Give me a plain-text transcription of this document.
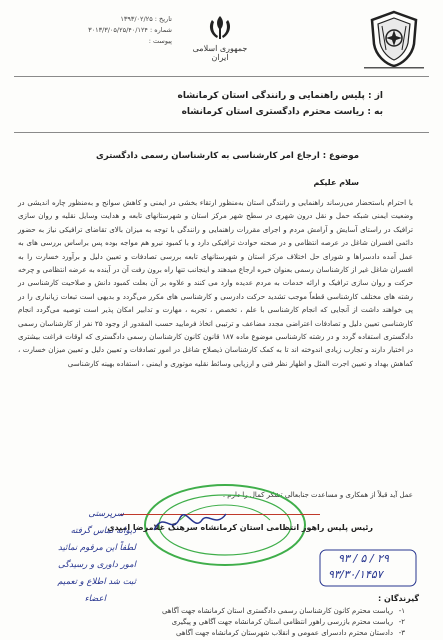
تاریخ : ۱۳۹۳/۰۲/۲۵
شماره : ۳۰۱۳/۳/۰۵/۲۵/۴۰/۱۲۴
پیوست :
جمهوری اسلامی ایران
از : پلیس راهنمایی و رانندگی استان کرمانشاه
به : ریاست محترم دادگستری استان کرمانشاه
موضوع : ارجاع امر کارشناسی به کارشناسان رسمی دادگستری
سلام علیکم
با احترام باستحضار می‌رساند راهنمایی و رانندگی استان به‌منظور ارتقاء بخشی در ایمنی و کاهش سوانح و به‌منظور چاره اندیشی در وضعیت ایمنی شبکه حمل و نقل درون شهری در سطح شهر مرکز استان و شهرستانهای تابعه و هدایت وسایل نقلیه و روان سازی ترافیک در راستای آسایش و آرامش مردم و اجرای مقررات راهنمایی و رانندگی با توجه به میزان بالای تقاضای ترافیکی نیاز به حضور دائمی افسران شاغل در عرصه انتظامی و در صحنه حوادث ترافیکی دارد و با کمبود نیرو هم مواجه بوده پس براساس بررسی های به عمل آمده دادسراها و شورای حل اختلاف مرکز استان و شهرستانهای تابعه بررسی تصادفات و تعیین دلیل و برآورد خسارت را به افسران شاغل غیر از کارشناسان رسمی بعنوان خبره ارجاع میدهند و اینجانب تنها راه برون رفت آن در آینده به عرضه انتظامی و چرخه حرکت و روان سازی ترافیک و ارائه خدمات به مردم عدیده وارد می کنند و علاوه بر آن بعلت کمبود دانش و صلاحیت کارشناسی در رشته های مختلف کارشناسی قطعاً موجب تشدید حرکت دادرسی و کارشناسی های مکرر می‌گردد و بدیهی است تبعات زیانباری را در پی خواهند داشت از آنجایی که انجام کارشناسی با علم ، تخصص ، تجربه ، مهارت و تدابیر امکان پذیر است توصیه می‌گردد انجام کارشناسی تعیین دلیل و تصادفات اعتراضی مجدد مضاعف و ترتیبی اتخاذ فرمایید حسب المقدور از وجود ۲۵ نفر از کارشناسان رسمی دادگستری استفاده گردد و در رشته کارشناسی موضوع ماده ۱۸۷ قانون کانون کارشناسان رسمی دادگستری که اوقات فراغت بیشتری در اختیار دارند و تجارب زیادی اندوخته اند تا به کمک کارشناسان ذیصلاح شاغل در امور تصادفات و تعیین دلیل و تعیین میزان خسارت ، کماهش بهداد و تعیین اجرت المثل و اظهار نظر فنی و ارزیابی وسائط نقلیه موتوری و ایمنی ، استفاده بهینه کارشناسی
عمل آید قبلاً از همکاری و مساعدت جنابعالی تشکر کمال را دارم .
رئیس پلیس راهور انتظامی استان کرمانشاه سرهنگ غلامرضا امیدی
۹۳ / ۵ / ۲۹
۹۳/۳۰/۱۴۵۷
گیرندگان :
۱-ریاست محترم کانون کارشناسان رسمی دادگستری استان کرمانشاه جهت آگاهی
۲-ریاست محترم بازرسی راهور انتظامی استان کرمانشاه جهت آگاهی و پیگیری
۳-دادستان محترم دادسرای عمومی و انقلاب شهرستان کرمانشاه جهت آگاهی
سرپرستی
دیوانه تماس گرفته
لطفاً این مرقوم نمائید
امور داوری و رسیدگی
ثبت شد اطلاع و تعمیم
اعضاء
